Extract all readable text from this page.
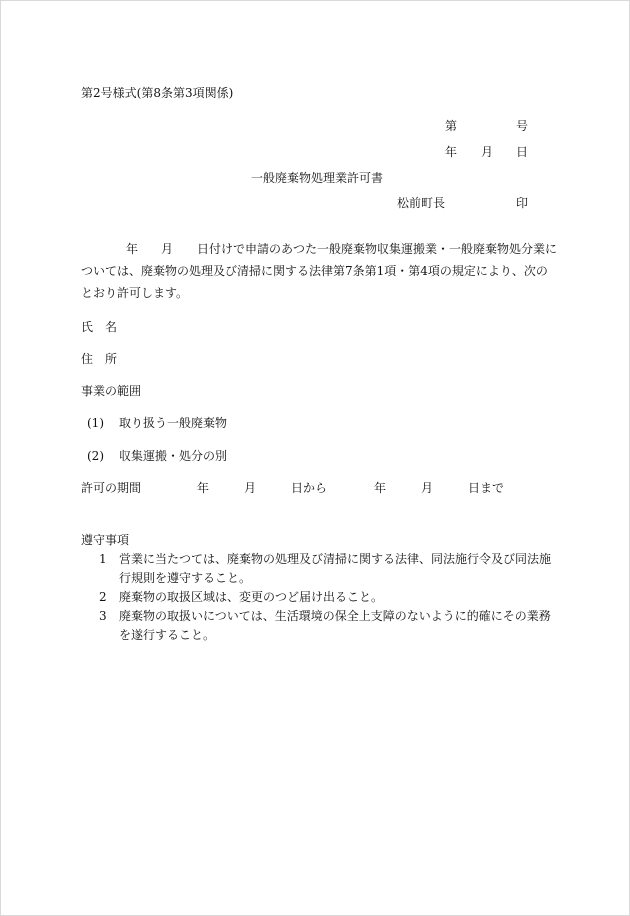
第2号様式(第8条第3項関係)
第	号
年 月 日
一般廃棄物処理業許可書
松前町長	印
年 月 日付けで申請のあつた一般廃棄物収集運搬業・一般廃棄物処分業に
ついては、廃棄物の処理及び清掃に関する法律第7条第1項・第4項の規定により、次のとおり許可します。
氏　名
住　所
事業の範囲
(1) 取り扱う一般廃棄物
(2) 収集運搬・処分の別
許可の期間	年	月	日から	年	月	日まで
遵守事項
1 営業に当たつては、廃棄物の処理及び清掃に関する法律、同法施行令及び同法施行規則を遵守すること。
2 廃棄物の取扱区域は、変更のつど届け出ること。
3 廃棄物の取扱いについては、生活環境の保全上支障のないように的確にその業務を遂行すること。
